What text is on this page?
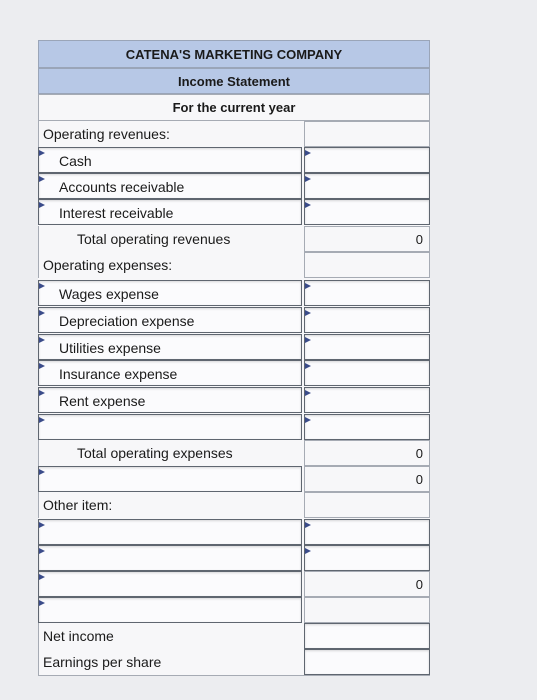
CATENA'S MARKETING COMPANY
Income Statement
For the current year
Operating revenues:
Cash
Accounts receivable
Interest receivable
Total operating revenues	0
Operating expenses:
Wages expense
Depreciation expense
Utilities expense
Insurance expense
Rent expense
Total operating expenses	0
0
Other item:
0
Net income
Earnings per share
